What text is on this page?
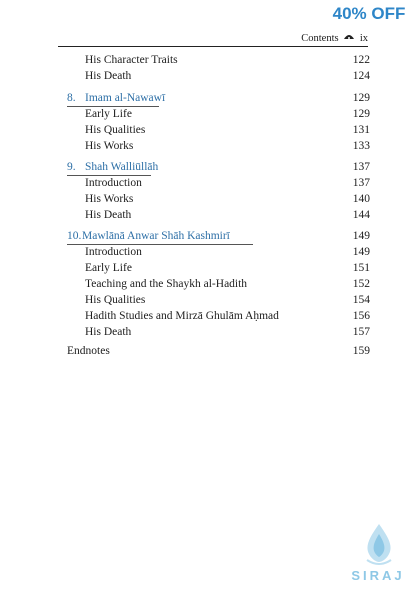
40% OFF
Contents ix
His Character Traits	122
His Death	124
8. Imam al-Nawawī	129
Early Life	129
His Qualities	131
His Works	133
9. Shah Walliūllāh	137
Introduction	137
His Works	140
His Death	144
10. Mawlānā Anwar Shāh Kashmirī	149
Introduction	149
Early Life	151
Teaching and the Shaykh al-Hadith	152
His Qualities	154
Hadith Studies and Mirzā Ghulām Aḥmad	156
His Death	157
Endnotes	159
SIRAJ
